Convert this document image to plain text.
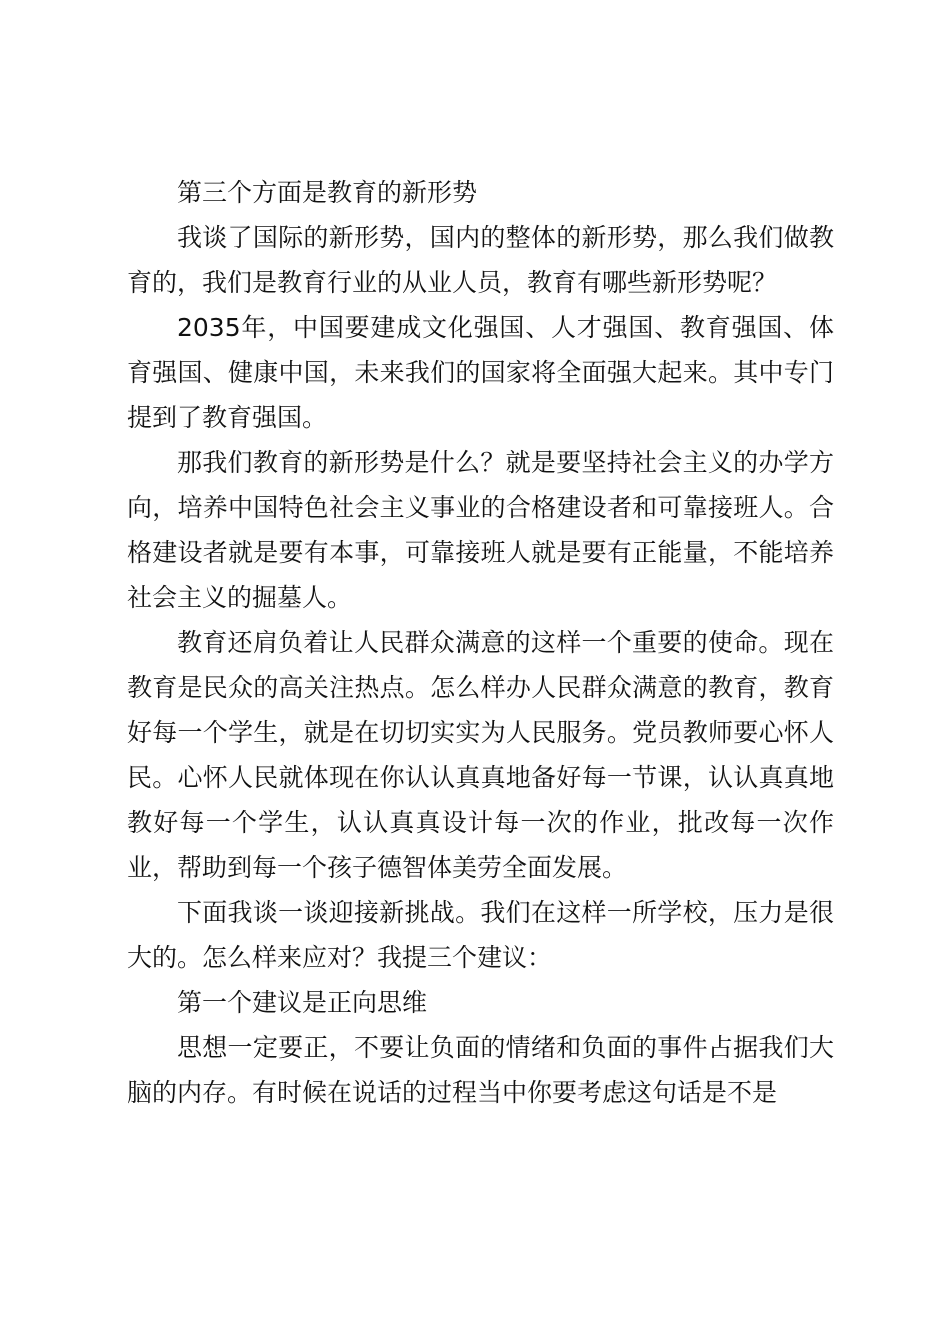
第三个方面是教育的新形势

我谈了国际的新形势，国内的整体的新形势，那么我们做教育的，我们是教育行业的从业人员，教育有哪些新形势呢？

2035年，中国要建成文化强国、人才强国、教育强国、体育强国、健康中国，未来我们的国家将全面强大起来。其中专门提到了教育强国。

那我们教育的新形势是什么？就是要坚持社会主义的办学方向，培养中国特色社会主义事业的合格建设者和可靠接班人。合格建设者就是要有本事，可靠接班人就是要有正能量，不能培养社会主义的掘墓人。

教育还肩负着让人民群众满意的这样一个重要的使命。现在教育是民众的高关注热点。怎么样办人民群众满意的教育，教育好每一个学生，就是在切切实实为人民服务。党员教师要心怀人民。心怀人民就体现在你认认真真地备好每一节课，认认真真地教好每一个学生，认认真真设计每一次的作业，批改每一次作业，帮助到每一个孩子德智体美劳全面发展。

下面我谈一谈迎接新挑战。我们在这样一所学校，压力是很大的。怎么样来应对？我提三个建议：

第一个建议是正向思维

思想一定要正，不要让负面的情绪和负面的事件占据我们大脑的内存。有时候在说话的过程当中你要考虑这句话是不是
